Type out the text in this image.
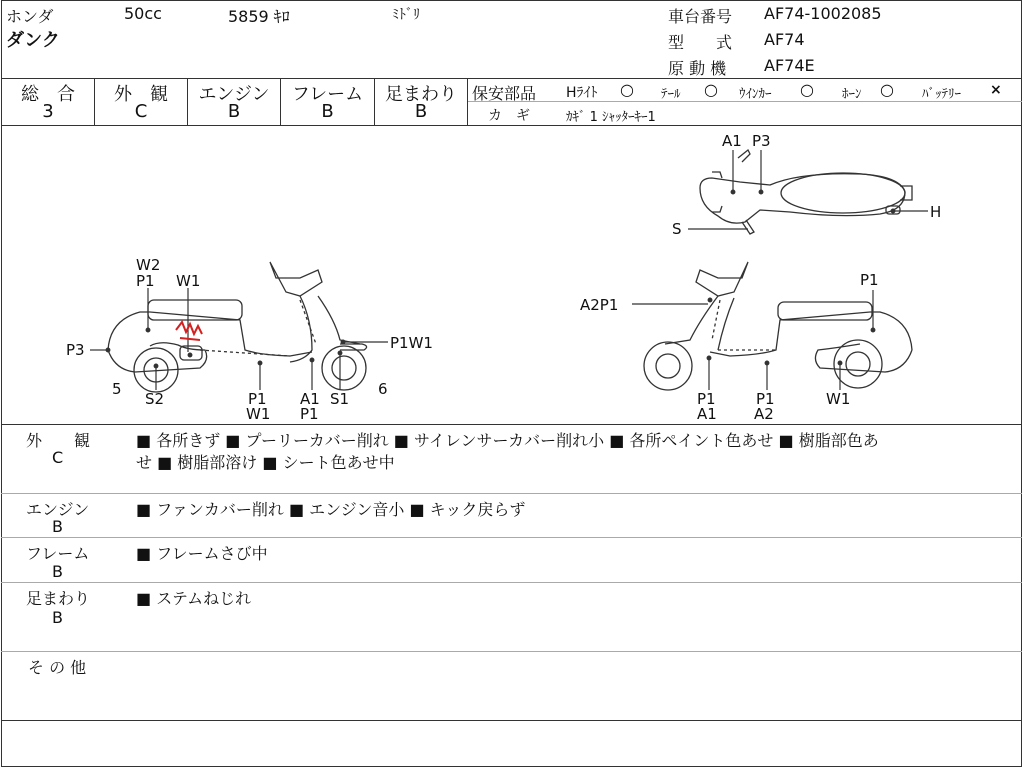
ホンダ	50cc	5859 ｷﾛ	ﾐﾄﾞﾘ
ダンク
車台番号 AF74-1002085
型　　式 AF74
原 動 機 AF74E
総　合
3
外　観
C
エンジン
B
フレーム
B
足まわり
B
保安部品 Hﾗｲﾄ ○ ﾃｰﾙ ○ ｳｲﾝｶｰ ○ ﾎｰﾝ ○ ﾊﾞｯﾃﾘｰ ×
カ　ギ	ｶｷﾞ 1 ｼｬｯﾀｰｷｰ1
A1 P3
S
H
W2
P1 W1
P3	P1W1
5
S2	P1
W1
A1
P1
S1
6
A2P1
P1
P1
A1
P1
A2
W1
外　　観
C
■ 各所きず ■ プーリーカバー削れ ■ サイレンサーカバー削れ小 ■ 各所ペイント色あせ ■ 樹脂部色あ
せ ■ 樹脂部溶け ■ シート色あせ中
エンジン
B
■ ファンカバー削れ ■ エンジン音小 ■ キック戻らず
フレーム
B
■ フレームさび中
足まわり
B
■ ステムねじれ
そ の 他
